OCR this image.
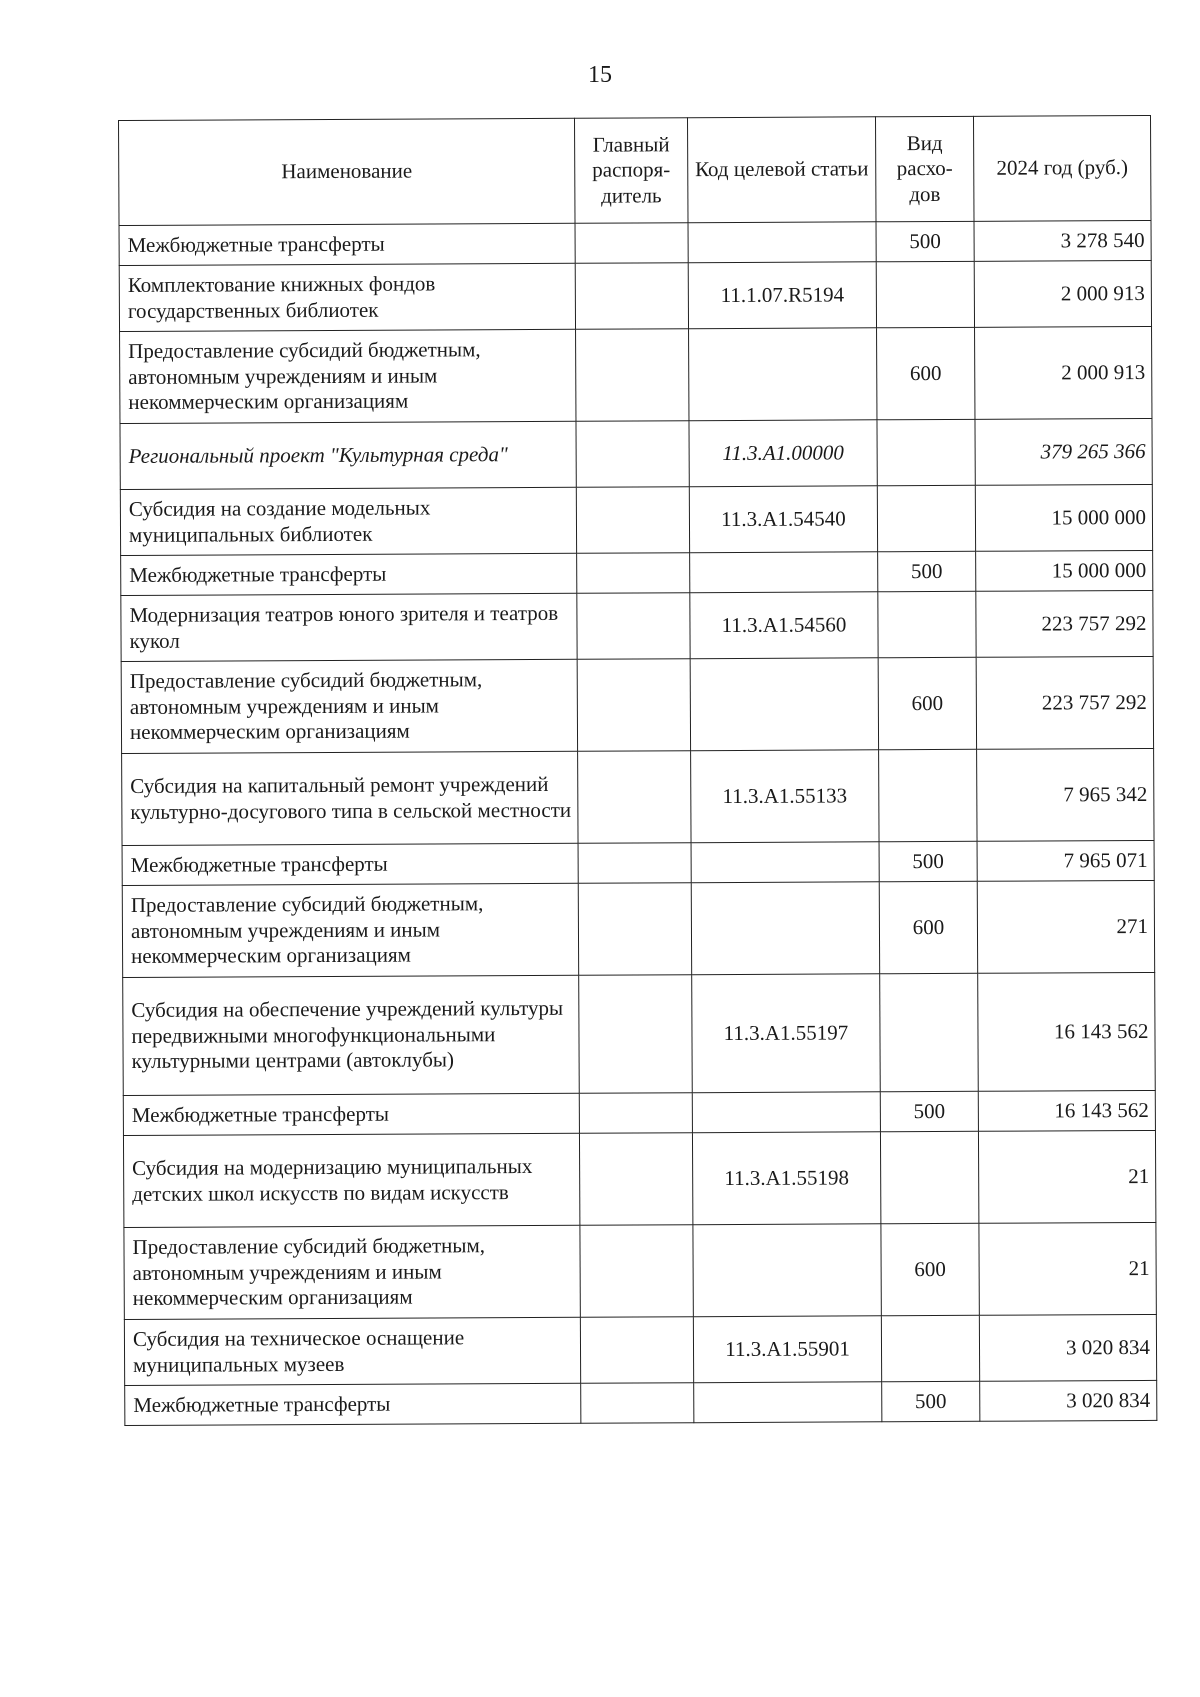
15
Наименование	Главный распоря-дитель	Код целевой статьи	Вид расхо-дов	2024 год (руб.)
Межбюджетные трансферты			500	3 278 540
Комплектование книжных фондов государственных библиотек		11.1.07.R5194		2 000 913
Предоставление субсидий бюджетным, автономным учреждениям и иным некоммерческим организациям			600	2 000 913
Региональный проект "Культурная среда"		11.3.А1.00000		379 265 366
Субсидия на создание модельных муниципальных библиотек		11.3.А1.54540		15 000 000
Межбюджетные трансферты			500	15 000 000
Модернизация театров юного зрителя и театров кукол		11.3.А1.54560		223 757 292
Предоставление субсидий бюджетным, автономным учреждениям и иным некоммерческим организациям			600	223 757 292
Субсидия на капитальный ремонт учреждений культурно-досугового типа в сельской местности		11.3.А1.55133		7 965 342
Межбюджетные трансферты			500	7 965 071
Предоставление субсидий бюджетным, автономным учреждениям и иным некоммерческим организациям			600	271
Субсидия на обеспечение учреждений культуры передвижными многофункциональными культурными центрами (автоклубы)		11.3.А1.55197		16 143 562
Межбюджетные трансферты			500	16 143 562
Субсидия на модернизацию муниципальных детских школ искусств по видам искусств		11.3.А1.55198		21
Предоставление субсидий бюджетным, автономным учреждениям и иным некоммерческим организациям			600	21
Субсидия на техническое оснащение муниципальных музеев		11.3.А1.55901		3 020 834
Межбюджетные трансферты			500	3 020 834
